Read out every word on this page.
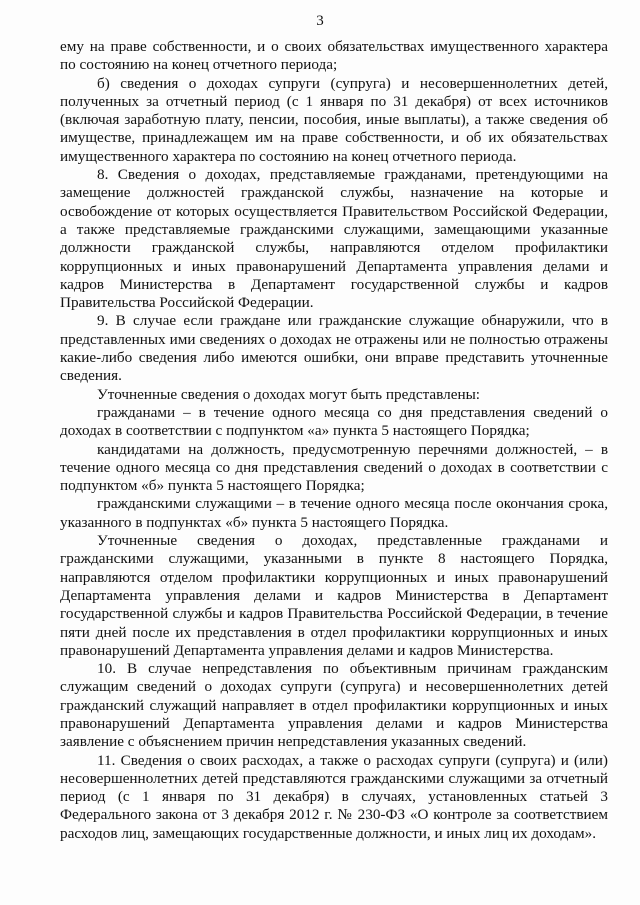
3

ему на праве собственности, и о своих обязательствах имущественного характера по состоянию на конец отчетного периода;

б) сведения о доходах супруги (супруга) и несовершеннолетних детей, полученных за отчетный период (с 1 января по 31 декабря) от всех источников (включая заработную плату, пенсии, пособия, иные выплаты), а также сведения об имуществе, принадлежащем им на праве собственности, и об их обязательствах имущественного характера по состоянию на конец отчетного периода.

8. Сведения о доходах, представляемые гражданами, претендующими на замещение должностей гражданской службы, назначение на которые и освобождение от которых осуществляется Правительством Российской Федерации, а также представляемые гражданскими служащими, замещающими указанные должности гражданской службы, направляются отделом профилактики коррупционных и иных правонарушений Департамента управления делами и кадров Министерства в Департамент государственной службы и кадров Правительства Российской Федерации.

9. В случае если граждане или гражданские служащие обнаружили, что в представленных ими сведениях о доходах не отражены или не полностью отражены какие-либо сведения либо имеются ошибки, они вправе представить уточненные сведения.

Уточненные сведения о доходах могут быть представлены:

гражданами – в течение одного месяца со дня представления сведений о доходах в соответствии с подпунктом «а» пункта 5 настоящего Порядка;

кандидатами на должность, предусмотренную перечнями должностей, – в течение одного месяца со дня представления сведений о доходах в соответствии с подпунктом «б» пункта 5 настоящего Порядка;

гражданскими служащими – в течение одного месяца после окончания срока, указанного в подпунктах «б» пункта 5 настоящего Порядка.

Уточненные сведения о доходах, представленные гражданами и гражданскими служащими, указанными в пункте 8 настоящего Порядка, направляются отделом профилактики коррупционных и иных правонарушений Департамента управления делами и кадров Министерства в Департамент государственной службы и кадров Правительства Российской Федерации, в течение пяти дней после их представления в отдел профилактики коррупционных и иных правонарушений Департамента управления делами и кадров Министерства.

10. В случае непредставления по объективным причинам гражданским служащим сведений о доходах супруги (супруга) и несовершеннолетних детей гражданский служащий направляет в отдел профилактики коррупционных и иных правонарушений Департамента управления делами и кадров Министерства заявление с объяснением причин непредставления указанных сведений.

11. Сведения о своих расходах, а также о расходах супруги (супруга) и (или) несовершеннолетних детей представляются гражданскими служащими за отчетный период (с 1 января по 31 декабря) в случаях, установленных статьей 3 Федерального закона от 3 декабря 2012 г. № 230-ФЗ «О контроле за соответствием расходов лиц, замещающих государственные должности, и иных лиц их доходам».
